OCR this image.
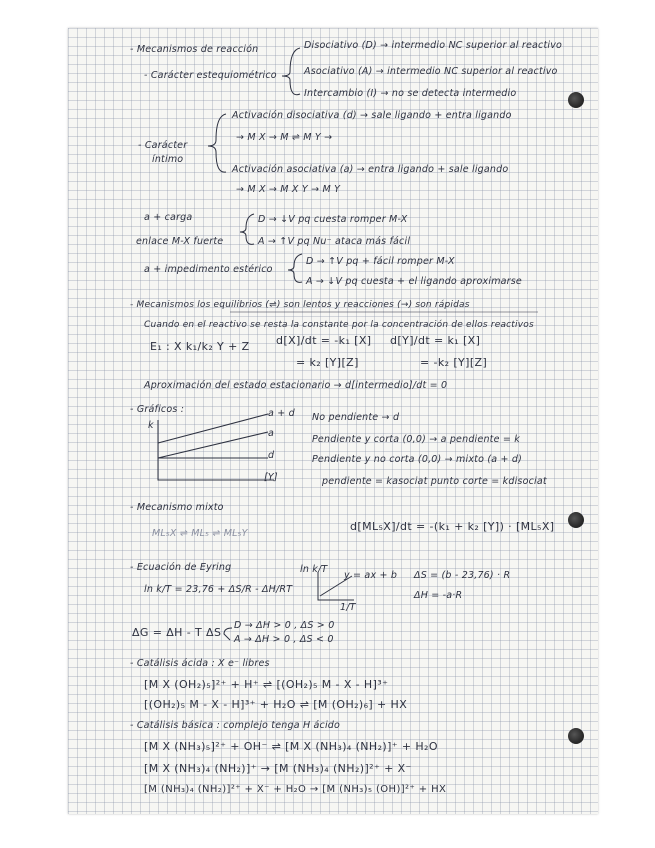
- Mecanismos de reacción	Disociativo (D) → intermedio NC superior al reactivo
Asociativo (A) → intermedio NC superior al reactivo
- Carácter estequiométrico
Intercambio (I) → no se detecta intermedio
Activación disociativa (d) → sale ligando + entra ligando
- Carácter
íntimo
→ M X → M ⇌ M Y →
Activación asociativa (a) → entra ligando + sale ligando
→ M X → M X Y → M Y
a + carga
enlace M-X fuerte
D → ↓V pq cuesta romper M-X
A → ↑V pq Nu⁻ ataca más fácil
a + impedimento estérico
D → ↑V pq + fácil romper M-X
A → ↓V pq cuesta + el ligando aproximarse
- Mecanismos los equilibrios (⇌) son lentos y reacciones (→) son rápidas
Cuando en el reactivo se resta la constante por la concentración de ellos reactivos
E₁ : X k₁/k₂ Y + Z d[X]/dt = -k₁ [X] d[Y]/dt = k₁ [X]
= k₂ [Y][Z]	= -k₂ [Y][Z]
Aproximación del estado estacionario → d[intermedio]/dt = 0
- Gráficos :
k
[Y]
a + d
a
d
No pendiente → d
Pendiente y corta (0,0) → a pendiente = k
Pendiente y no corta (0,0) → mixto (a + d)
pendiente = kasociat punto corte = kdisociat
- Mecanismo mixto
ML₅X ⇌ ML₅ ⇌ ML₅Y
d[ML₅X]/dt = -(k₁ + k₂ [Y]) · [ML₅X]
- Ecuación de Eyring
ln k/T = 23,76 + ΔS/R - ΔH/RT
ln k/T
1/T
y = ax + b ΔS = (b - 23,76) · R
ΔH = -a·R
ΔG = ΔH - T ΔS
D → ΔH > 0 , ΔS > 0
A → ΔH > 0 , ΔS < 0
- Catálisis ácida : X e⁻ libres
[M X (OH₂)₅]²⁺ + H⁺ ⇌ [(OH₂)₅ M - X - H]³⁺
[(OH₂)₅ M - X - H]³⁺ + H₂O ⇌ [M (OH₂)₆] + HX
- Catálisis básica : complejo tenga H ácido
[M X (NH₃)₅]²⁺ + OH⁻ ⇌ [M X (NH₃)₄ (NH₂)]⁺ + H₂O
[M X (NH₃)₄ (NH₂)]⁺ → [M (NH₃)₄ (NH₂)]²⁺ + X⁻
[M (NH₃)₄ (NH₂)]²⁺ + X⁻ + H₂O → [M (NH₃)₅ (OH)]²⁺ + HX
